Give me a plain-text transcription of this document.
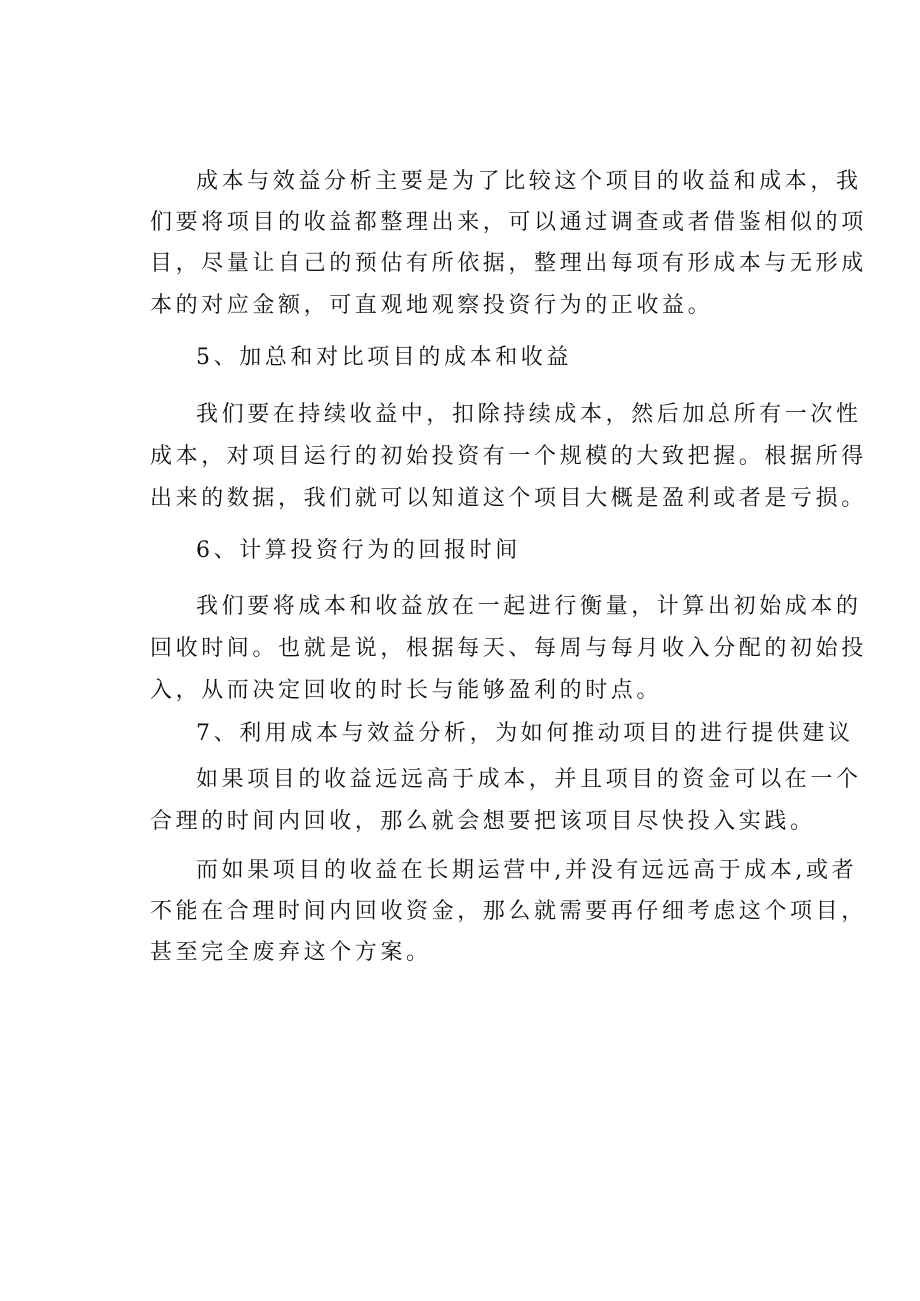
成本与效益分析主要是为了比较这个项目的收益和成本，我

们要将项目的收益都整理出来，可以通过调查或者借鉴相似的项

目，尽量让自己的预估有所依据，整理出每项有形成本与无形成

本的对应金额，可直观地观察投资行为的正收益。

5、加总和对比项目的成本和收益

我们要在持续收益中，扣除持续成本，然后加总所有一次性

成本，对项目运行的初始投资有一个规模的大致把握。根据所得

出来的数据，我们就可以知道这个项目大概是盈利或者是亏损。

6、计算投资行为的回报时间

我们要将成本和收益放在一起进行衡量，计算出初始成本的

回收时间。也就是说，根据每天、每周与每月收入分配的初始投

入，从而决定回收的时长与能够盈利的时点。

7、利用成本与效益分析，为如何推动项目的进行提供建议

如果项目的收益远远高于成本，并且项目的资金可以在一个

合理的时间内回收，那么就会想要把该项目尽快投入实践。

而如果项目的收益在长期运营中,并没有远远高于成本,或者

不能在合理时间内回收资金，那么就需要再仔细考虑这个项目，

甚至完全废弃这个方案。
